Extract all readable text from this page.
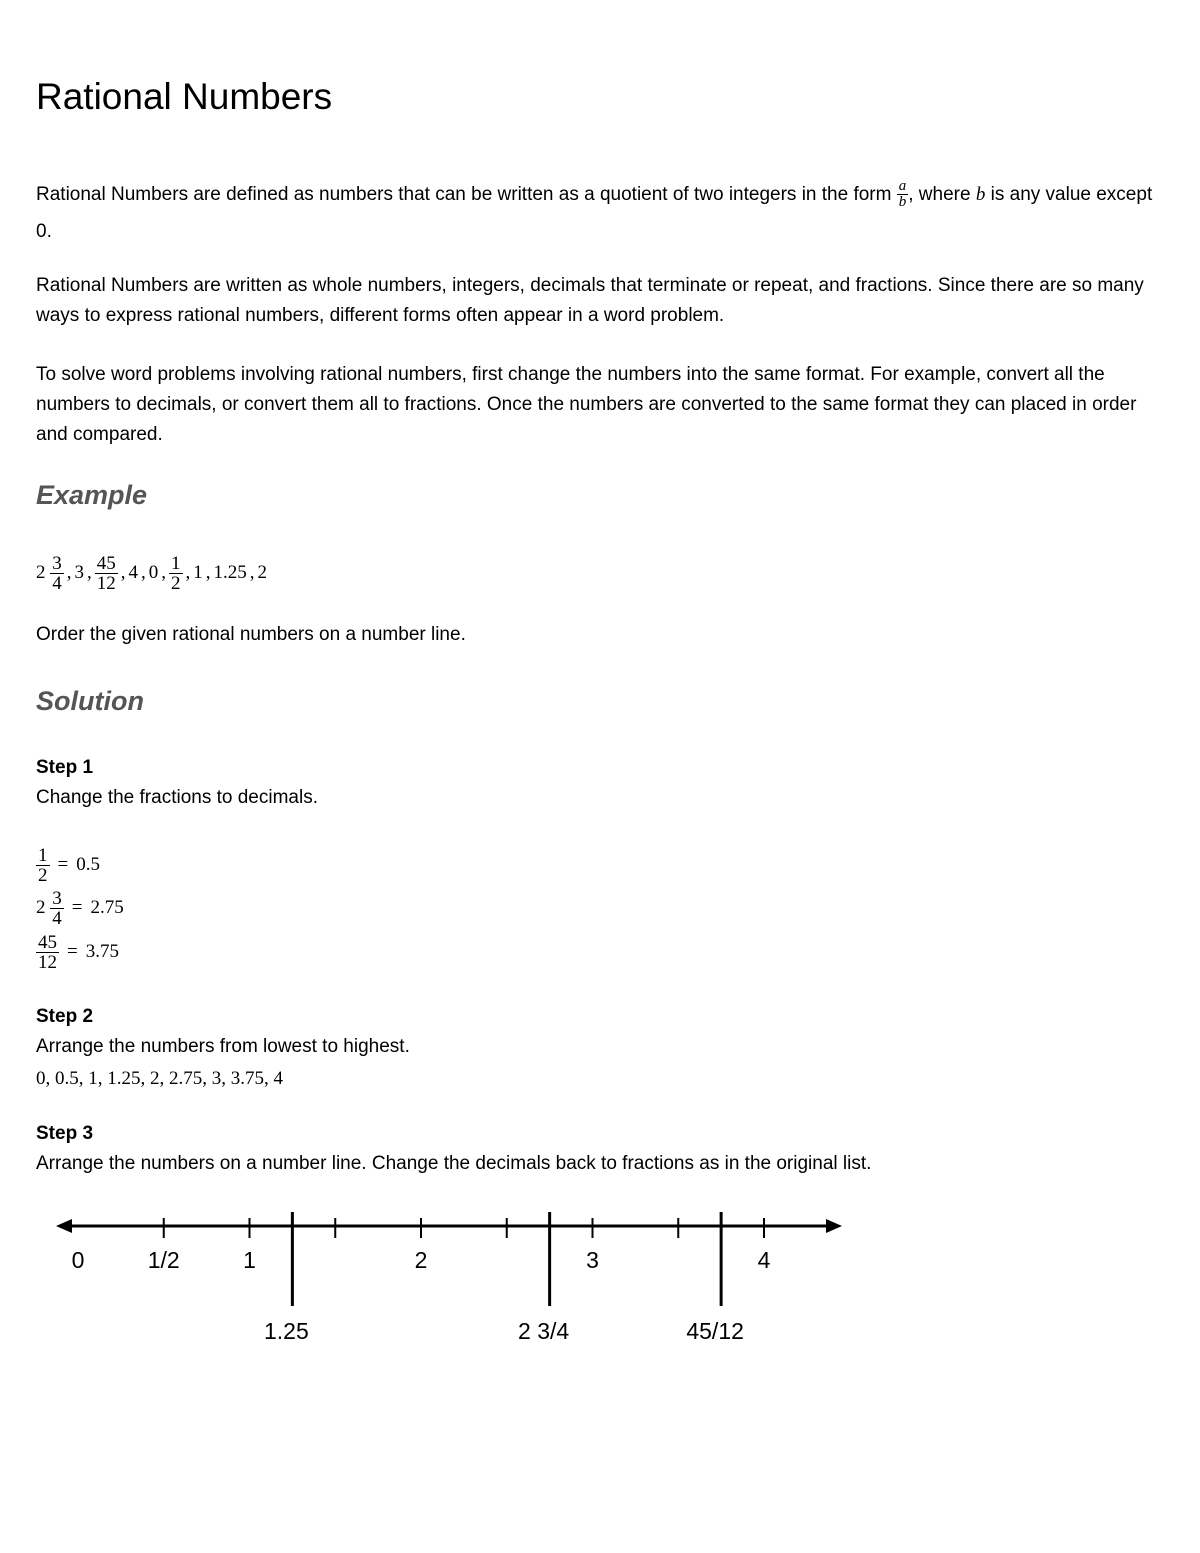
Rational Numbers

Rational Numbers are defined as numbers that can be written as a quotient of two integers in the form $\frac{a}{b}$ , where b is any value except 0.

Rational Numbers are written as whole numbers, integers, decimals that terminate or repeat, and fractions. Since there are so many ways to express rational numbers, different forms often appear in a word problem.

To solve word problems involving rational numbers, first change the numbers into the same format. For example, convert all the numbers to decimals, or convert them all to fractions. Once the numbers are converted to the same format they can placed in order and compared.

Example
$2 \frac{3}{4}$ , 3 , $\frac{45}{12}$ , 4 , 0 , $\frac{1}{2}$ , 1 , 1.25 , 2

Order the given rational numbers on a number line.

Solution

Step 1

Change the fractions to decimals.

$\frac{1}{2} = 0.5$
$2 \frac{3}{4} = 2.75$
$\frac{45}{12} = 3.75$

Step 2

Arrange the numbers from lowest to highest.

0, 0.5, 1, 1.25, 2, 2.75, 3, 3.75, 4

Step 3

Arrange the numbers on a number line. Change the decimals back to fractions as in the original list.

0	1/2	1	2	3	4
1.25	2 3/4	45/12
